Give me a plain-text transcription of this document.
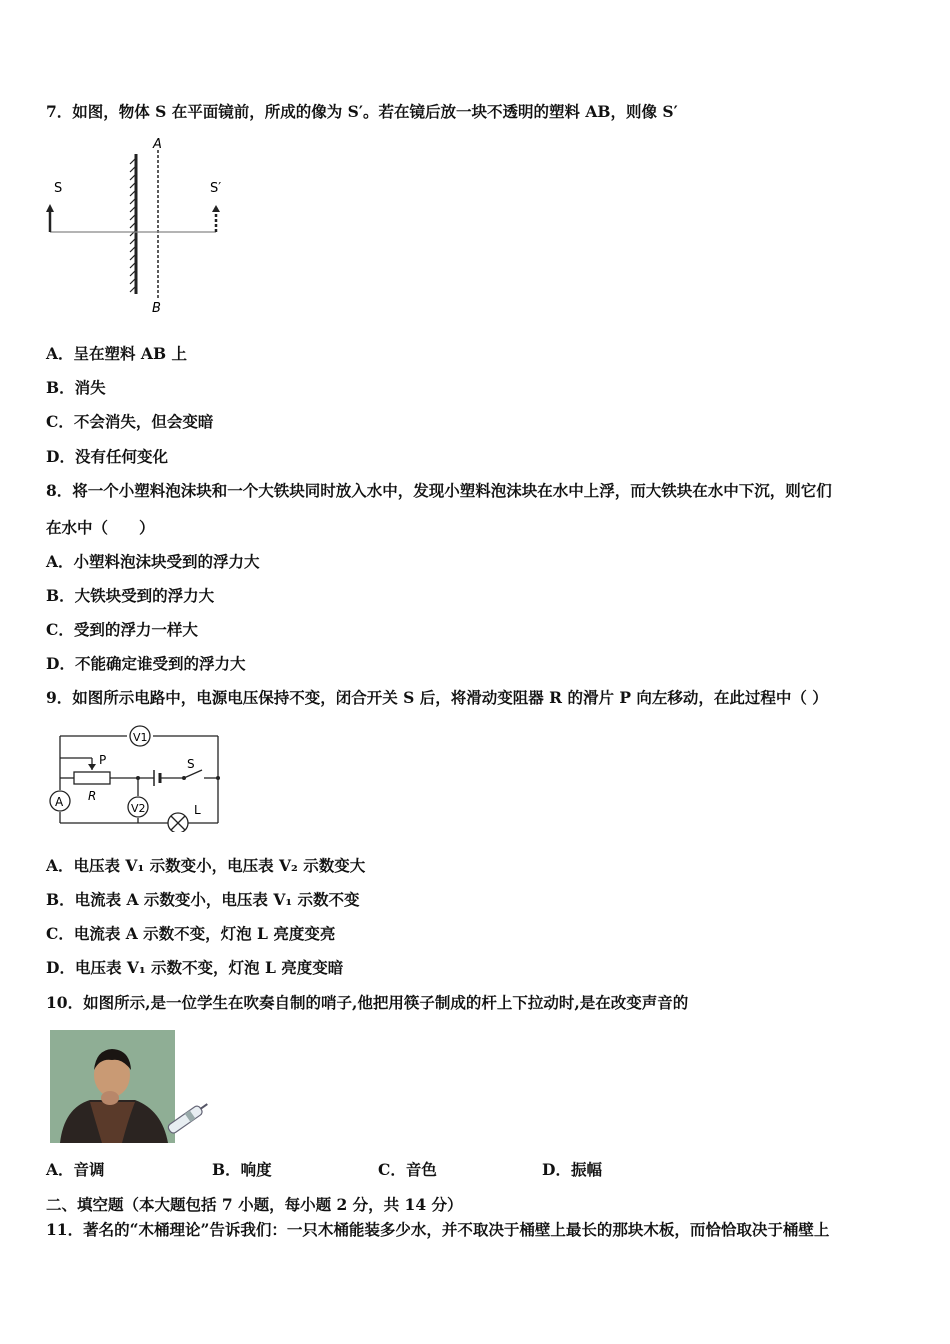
7．如图，物体 S 在平面镜前，所成的像为 S′。若在镜后放一块不透明的塑料 AB，则像 S′
S	S′
A
B
A．呈在塑料 AB 上
B．消失
C．不会消失，但会变暗
D．没有任何变化
8．将一个小塑料泡沫块和一个大铁块同时放入水中，发现小塑料泡沫块在水中上浮，而大铁块在水中下沉，则它们
在水中（　　）
A．小塑料泡沫块受到的浮力大
B．大铁块受到的浮力大
C．受到的浮力一样大
D．不能确定谁受到的浮力大
9．如图所示电路中，电源电压保持不变，闭合开关 S 后，将滑动变阻器 R 的滑片 P 向左移动，在此过程中（ ）
V1
V2
A
P
R
S
L
A．电压表 V₁ 示数变小，电压表 V₂ 示数变大
B．电流表 A 示数变小，电压表 V₁ 示数不变
C．电流表 A 示数不变，灯泡 L 亮度变亮
D．电压表 V₁ 示数不变，灯泡 L 亮度变暗
10．如图所示,是一位学生在吹奏自制的哨子,他把用筷子制成的杆上下拉动时,是在改变声音的
A．音调	B．响度	C．音色	D．振幅
二、填空题（本大题包括 7 小题，每小题 2 分，共 14 分）
11．著名的“木桶理论”告诉我们：一只木桶能装多少水，并不取决于桶壁上最长的那块木板，而恰恰取决于桶壁上
